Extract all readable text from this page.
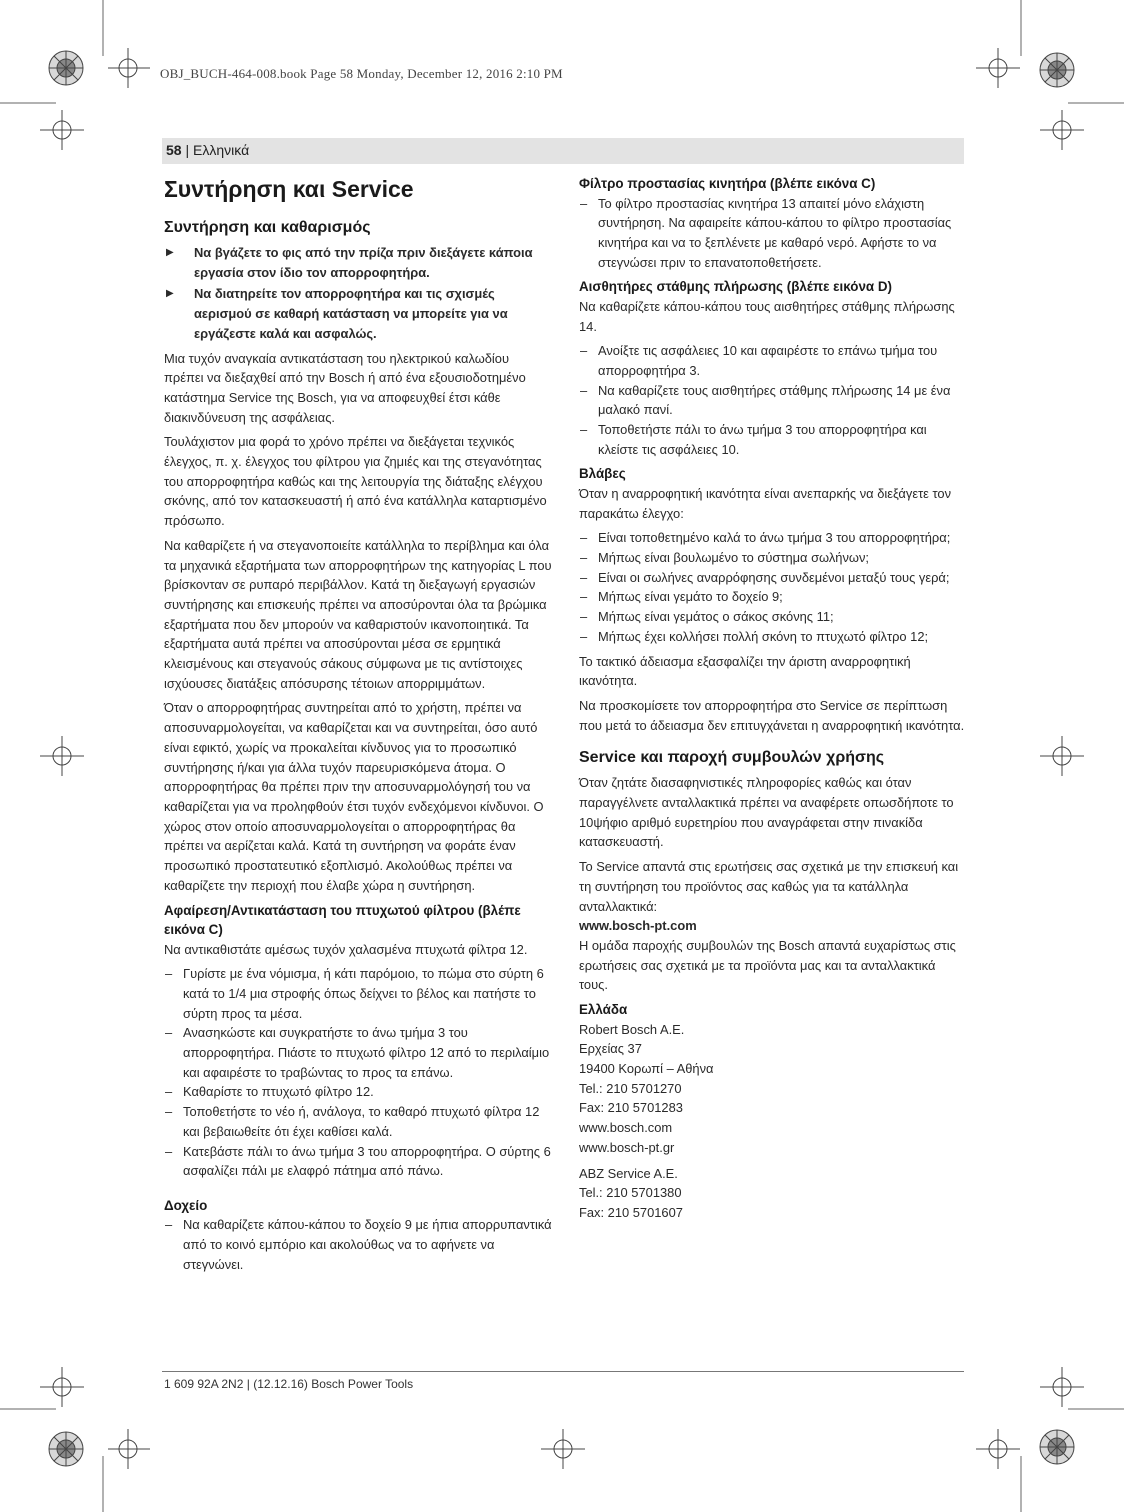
OBJ_BUCH-464-008.book Page 58 Monday, December 12, 2016 2:10 PM
58 | Ελληνικά
Συντήρηση και Service
Συντήρηση και καθαρισμός
▶ Να βγάζετε το φις από την πρίζα πριν διεξάγετε κάποια εργασία στον ίδιο τον απορροφητήρα.
▶ Να διατηρείτε τον απορροφητήρα και τις σχισμές αερισμού σε καθαρή κατάσταση να μπορείτε για να εργάζεστε καλά και ασφαλώς.

Μια τυχόν αναγκαία αντικατάσταση του ηλεκτρικού καλωδίου πρέπει να διεξαχθεί από την Bosch ή από ένα εξουσιοδοτημένο κατάστημα Service της Bosch, για να αποφευχθεί έτσι κάθε διακινδύνευση της ασφάλειας.

Τουλάχιστον μια φορά το χρόνο πρέπει να διεξάγεται τεχνικός έλεγχος, π. χ. έλεγχος του φίλτρου για ζημιές και της στεγανότητας του απορροφητήρα καθώς και της λειτουργία της διάταξης ελέγχου σκόνης, από τον κατασκευαστή ή από ένα κατάλληλα καταρτισμένο πρόσωπο.

Να καθαρίζετε ή να στεγανοποιείτε κατάλληλα το περίβλημα και όλα τα μηχανικά εξαρτήματα των απορροφητήρων της κατηγορίας L που βρίσκονταν σε ρυπαρό περιβάλλον. Κατά τη διεξαγωγή εργασιών συντήρησης και επισκευής πρέπει να αποσύρονται όλα τα βρώμικα εξαρτήματα που δεν μπορούν να καθαριστούν ικανοποιητικά. Τα εξαρτήματα αυτά πρέπει να αποσύρονται μέσα σε ερμητικά κλεισμένους και στεγανούς σάκους σύμφωνα με τις αντίστοιχες ισχύουσες διατάξεις απόσυρσης τέτοιων απορριμμάτων.

Όταν ο απορροφητήρας συντηρείται από το χρήστη, πρέπει να αποσυναρμολογείται, να καθαρίζεται και να συντηρείται, όσο αυτό είναι εφικτό, χωρίς να προκαλείται κίνδυνος για το προσωπικό συντήρησης ή/και για άλλα τυχόν παρευρισκόμενα άτομα. Ο απορροφητήρας θα πρέπει πριν την αποσυναρμολόγησή του να καθαρίζεται για να προληφθούν έτσι τυχόν ενδεχόμενοι κίνδυνοι. Ο χώρος στον οποίο αποσυναρμολογείται ο απορροφητήρας θα πρέπει να αερίζεται καλά. Κατά τη συντήρηση να φοράτε έναν προσωπικό προστατευτικό εξοπλισμό. Ακολούθως πρέπει να καθαρίζετε την περιοχή που έλαβε χώρα η συντήρηση.

Αφαίρεση/Αντικατάσταση του πτυχωτού φίλτρου (βλέπε εικόνα C)

Να αντικαθιστάτε αμέσως τυχόν χαλασμένα πτυχωτά φίλτρα 12.

– Γυρίστε με ένα νόμισμα, ή κάτι παρόμοιο, το πώμα στο σύρτη 6 κατά το 1/4 μια στροφής όπως δείχνει το βέλος και πατήστε το σύρτη προς τα μέσα.
– Ανασηκώστε και συγκρατήστε το άνω τμήμα 3 του απορροφητήρα. Πιάστε το πτυχωτό φίλτρο 12 από το περιλαίμιο και αφαιρέστε το τραβώντας το προς τα επάνω.
– Καθαρίστε το πτυχωτό φίλτρο 12.
– Τοποθετήστε το νέο ή, ανάλογα, το καθαρό πτυχωτό φίλτρα 12 και βεβαιωθείτε ότι έχει καθίσει καλά.
– Κατεβάστε πάλι το άνω τμήμα 3 του απορροφητήρα. Ο σύρτης 6 ασφαλίζει πάλι με ελαφρό πάτημα από πάνω.
Δοχείο
– Να καθαρίζετε κάπου-κάπου το δοχείο 9 με ήπια απορρυπαντικά από το κοινό εμπόριο και ακολούθως να το αφήνετε να στεγνώνει.
Φίλτρο προστασίας κινητήρα (βλέπε εικόνα C)
– Το φίλτρο προστασίας κινητήρα 13 απαιτεί μόνο ελάχιστη συντήρηση. Να αφαιρείτε κάπου-κάπου το φίλτρο προστασίας κινητήρα και να το ξεπλένετε με καθαρό νερό. Αφήστε το να στεγνώσει πριν το επανατοποθετήσετε.
Αισθητήρες στάθμης πλήρωσης (βλέπε εικόνα D)

Να καθαρίζετε κάπου-κάπου τους αισθητήρες στάθμης πλήρωσης 14.

– Ανοίξτε τις ασφάλειες 10 και αφαιρέστε το επάνω τμήμα του απορροφητήρα 3.
– Να καθαρίζετε τους αισθητήρες στάθμης πλήρωσης 14 με ένα μαλακό πανί.
– Τοποθετήστε πάλι το άνω τμήμα 3 του απορροφητήρα και κλείστε τις ασφάλειες 10.
Βλάβες

Όταν η αναρροφητική ικανότητα είναι ανεπαρκής να διεξάγετε τον παρακάτω έλεγχο:

– Είναι τοποθετημένο καλά το άνω τμήμα 3 του απορροφητήρα;
– Μήπως είναι βουλωμένο το σύστημα σωλήνων;
– Είναι οι σωλήνες αναρρόφησης συνδεμένοι μεταξύ τους γερά;
– Μήπως είναι γεμάτο το δοχείο 9;
– Μήπως είναι γεμάτος ο σάκος σκόνης 11;
– Μήπως έχει κολλήσει πολλή σκόνη το πτυχωτό φίλτρο 12;

Το τακτικό άδειασμα εξασφαλίζει την άριστη αναρροφητική ικανότητα.

Να προσκομίσετε τον απορροφητήρα στο Service σε περίπτωση που μετά το άδειασμα δεν επιτυγχάνεται η αναρροφητική ικανότητα.

Service και παροχή συμβουλών χρήσης

Όταν ζητάτε διασαφηνιστικές πληροφορίες καθώς και όταν παραγγέλνετε ανταλλακτικά πρέπει να αναφέρετε οπωσδήποτε το 10ψήφιο αριθμό ευρετηρίου που αναγράφεται στην πινακίδα κατασκευαστή.

Το Service απαντά στις ερωτήσεις σας σχετικά με την επισκευή και τη συντήρηση του προϊόντος σας καθώς για τα κατάλληλα ανταλλακτικά:

www.bosch-pt.com

Η ομάδα παροχής συμβουλών της Bosch απαντά ευχαρίστως στις ερωτήσεις σας σχετικά με τα προϊόντα μας και τα ανταλλακτικά τους.

Ελλάδα
Robert Bosch A.E.
Ερχείας 37
19400 Κορωπί – Αθήνα
Tel.: 210 5701270
Fax: 210 5701283
www.bosch.com
www.bosch-pt.gr
ABZ Service A.E.
Tel.: 210 5701380
Fax: 210 5701607
1 609 92A 2N2 | (12.12.16) Bosch Power Tools
